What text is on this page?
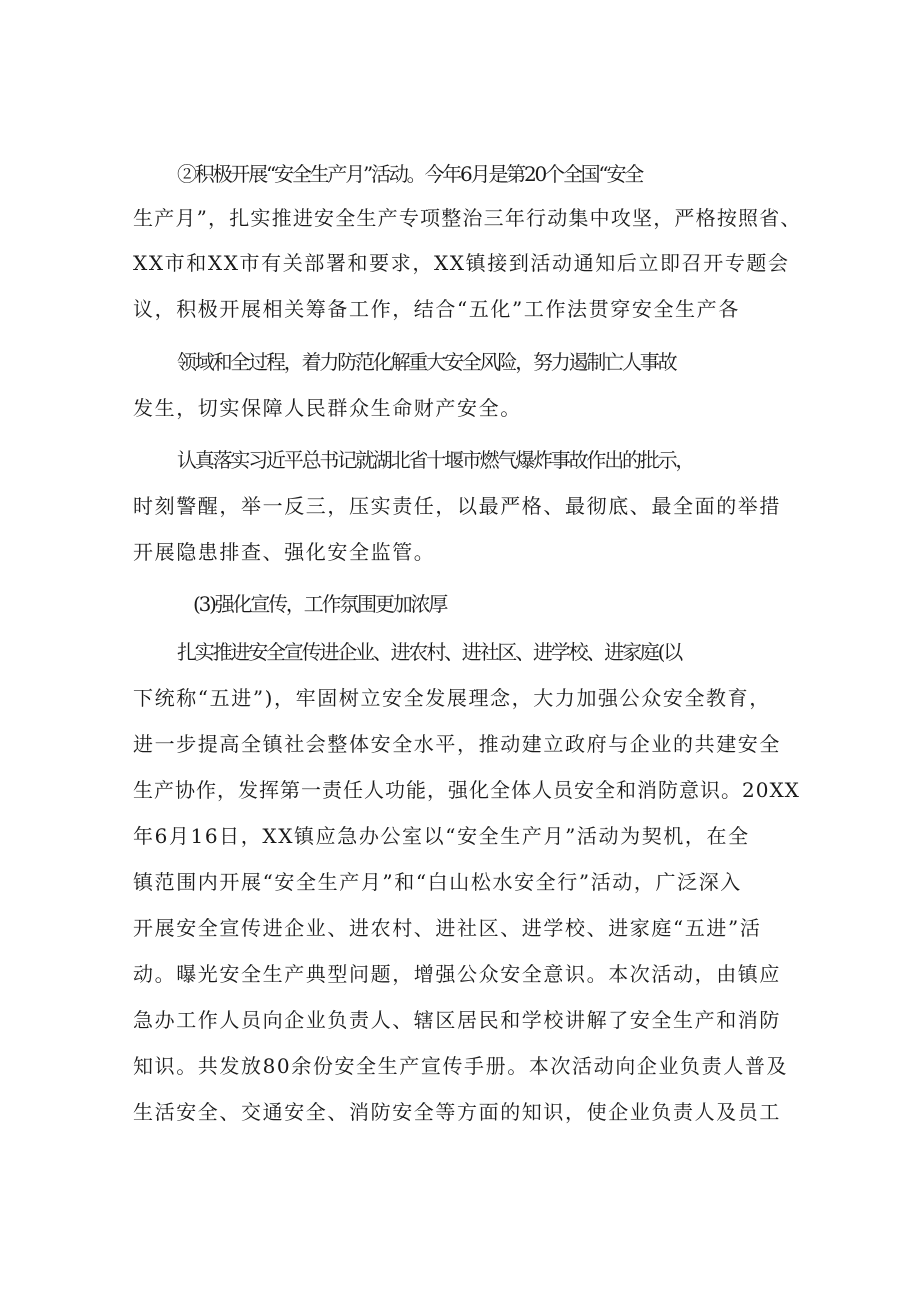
②积极开展“安全生产月”活动。今年6月是第20个全国“安全
生产月”，扎实推进安全生产专项整治三年行动集中攻坚，严格按照省、
XX市和XX市有关部署和要求，XX镇接到活动通知后立即召开专题会
议，积极开展相关筹备工作，结合“五化”工作法贯穿安全生产各
领域和全过程，着力防范化解重大安全风险，努力遏制亡人事故
发生，切实保障人民群众生命财产安全。
认真落实习近平总书记就湖北省十堰市燃气爆炸事故作出的批示，
时刻警醒，举一反三，压实责任，以最严格、最彻底、最全面的举措
开展隐患排查、强化安全监管。
(3)强化宣传，工作氛围更加浓厚
扎实推进安全宣传进企业、进农村、进社区、进学校、进家庭(以
下统称“五进”)，牢固树立安全发展理念，大力加强公众安全教育，
进一步提高全镇社会整体安全水平，推动建立政府与企业的共建安全
生产协作，发挥第一责任人功能，强化全体人员安全和消防意识。20XX
年6月16日，XX镇应急办公室以“安全生产月”活动为契机，在全
镇范围内开展“安全生产月”和“白山松水安全行”活动，广泛深入
开展安全宣传进企业、进农村、进社区、进学校、进家庭“五进”活
动。曝光安全生产典型问题，增强公众安全意识。本次活动，由镇应
急办工作人员向企业负责人、辖区居民和学校讲解了安全生产和消防
知识。共发放80余份安全生产宣传手册。本次活动向企业负责人普及
生活安全、交通安全、消防安全等方面的知识，使企业负责人及员工
